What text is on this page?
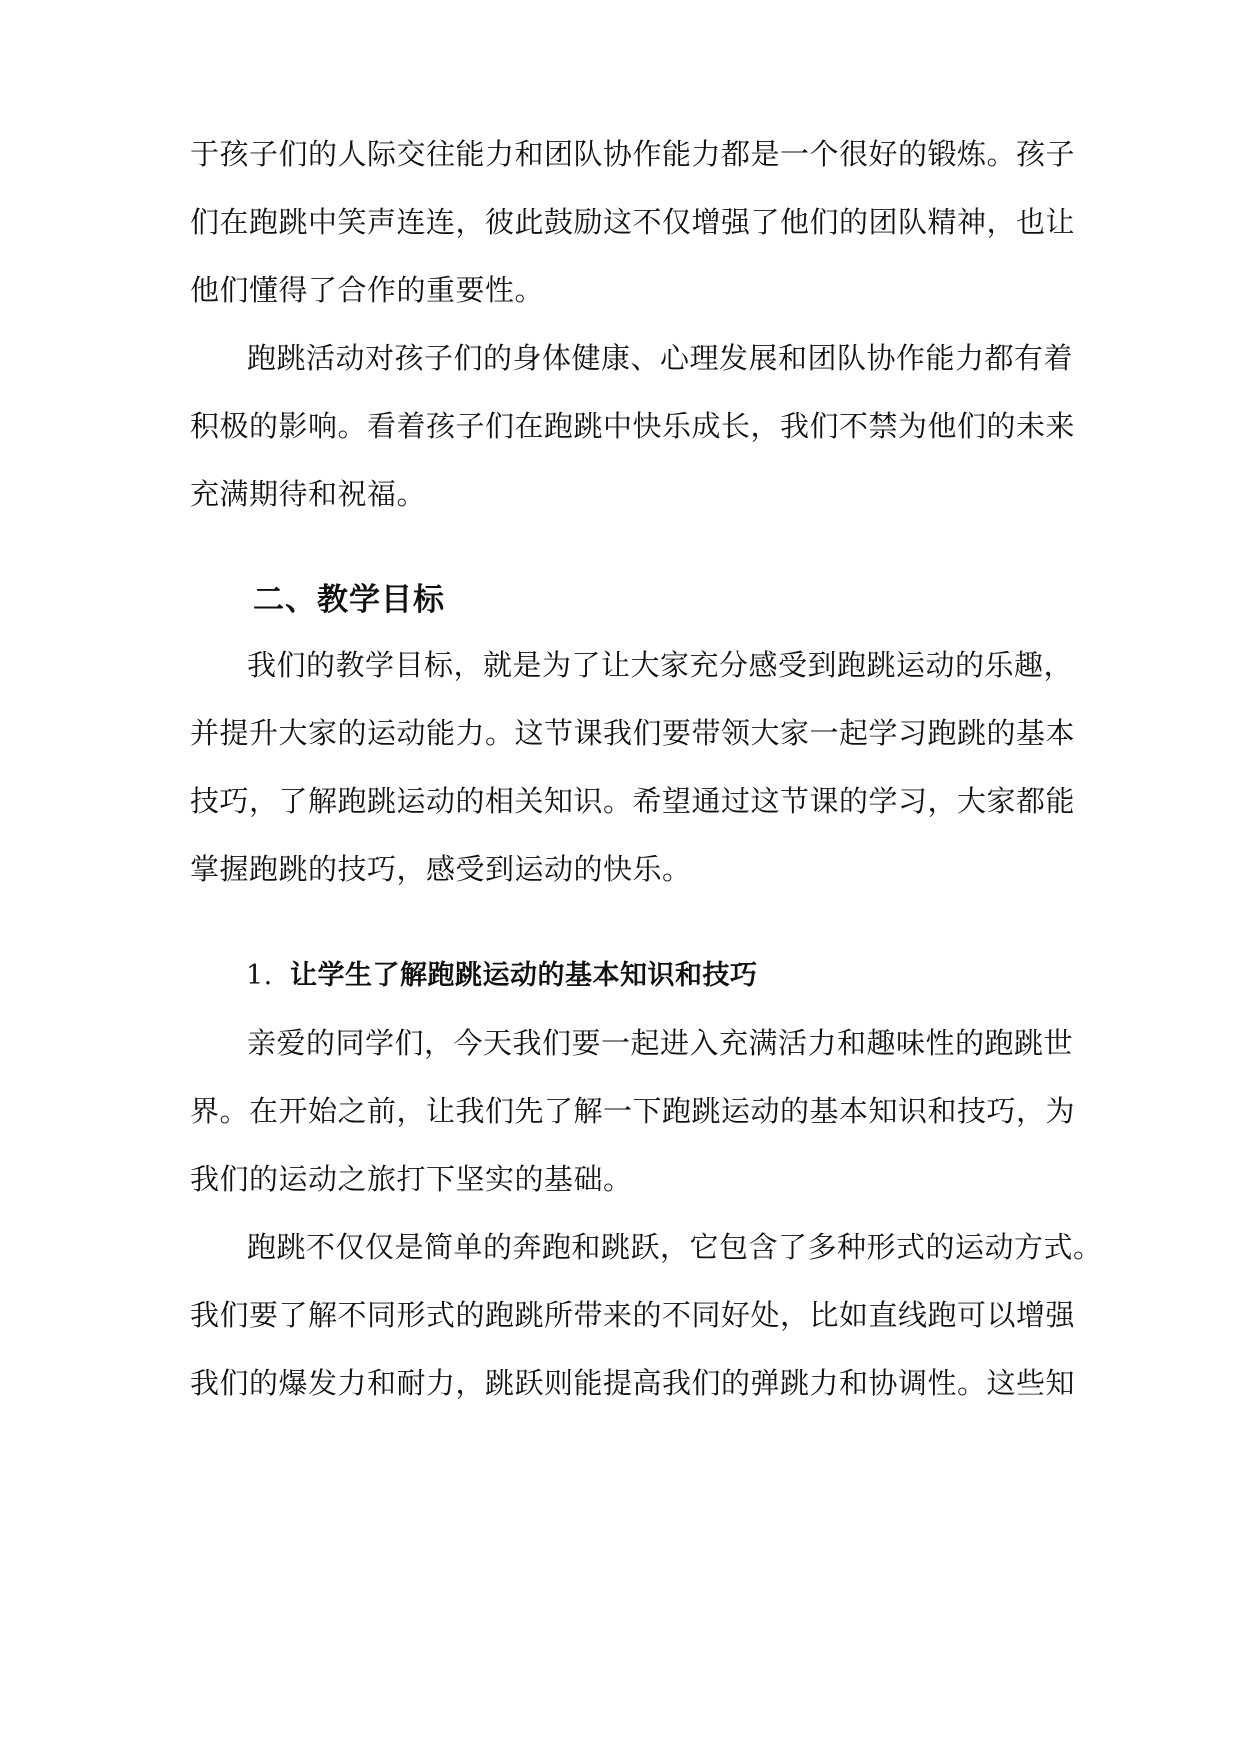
于孩子们的人际交往能力和团队协作能力都是一个很好的锻炼。孩子
们在跑跳中笑声连连，彼此鼓励这不仅增强了他们的团队精神，也让
他们懂得了合作的重要性。
跑跳活动对孩子们的身体健康、心理发展和团队协作能力都有着
积极的影响。看着孩子们在跑跳中快乐成长，我们不禁为他们的未来
充满期待和祝福。
二、教学目标
我们的教学目标，就是为了让大家充分感受到跑跳运动的乐趣，
并提升大家的运动能力。这节课我们要带领大家一起学习跑跳的基本
技巧，了解跑跳运动的相关知识。希望通过这节课的学习，大家都能
掌握跑跳的技巧，感受到运动的快乐。
1. 让学生了解跑跳运动的基本知识和技巧
亲爱的同学们，今天我们要一起进入充满活力和趣味性的跑跳世
界。在开始之前，让我们先了解一下跑跳运动的基本知识和技巧，为
我们的运动之旅打下坚实的基础。
跑跳不仅仅是简单的奔跑和跳跃，它包含了多种形式的运动方式。
我们要了解不同形式的跑跳所带来的不同好处，比如直线跑可以增强
我们的爆发力和耐力，跳跃则能提高我们的弹跳力和协调性。这些知
